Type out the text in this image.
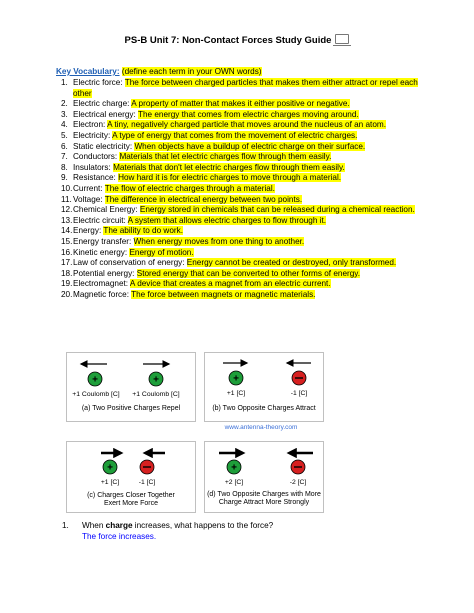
PS-B Unit 7: Non-Contact Forces Study Guide
Key Vocabulary: (define each term in your OWN words)
1. Electric force: The force between charged particles that makes them either attract or repel each other
2. Electric charge: A property of matter that makes it either positive or negative.
3. Electrical energy: The energy that comes from electric charges moving around.
4. Electron: A tiny, negatively charged particle that moves around the nucleus of an atom.
5. Electricity: A type of energy that comes from the movement of electric charges.
6. Static electricity: When objects have a buildup of electric charge on their surface.
7. Conductors: Materials that let electric charges flow through them easily.
8. Insulators: Materials that don't let electric charges flow through them easily.
9. Resistance: How hard it is for electric charges to move through a material.
10. Current: The flow of electric charges through a material.
11. Voltage: The difference in electrical energy between two points.
12. Chemical Energy: Energy stored in chemicals that can be released during a chemical reaction.
13. Electric circuit: A system that allows electric charges to flow through it.
14. Energy: The ability to do work.
15. Energy transfer: When energy moves from one thing to another.
16. Kinetic energy: Energy of motion.
17. Law of conservation of energy: Energy cannot be created or destroyed, only transformed.
18. Potential energy: Stored energy that can be converted to other forms of energy.
19. Electromagnet: A device that creates a magnet from an electric current.
20. Magnetic force: The force between magnets or magnetic materials.
+	+
+1 Coulomb [C]	+1 Coulomb [C]
(a) Two Positive Charges Repel
+
+1 [C]	-1 [C]
(b) Two Opposite Charges Attract
www.antenna-theory.com
+
+1 [C]	-1 [C]
(c) Charges Closer Together
Exert More Force
+
+2 [C]	-2 [C]
(d) Two Opposite Charges with More
Charge Attract More Strongly
1. When charge increases, what happens to the force?
The force increases.
